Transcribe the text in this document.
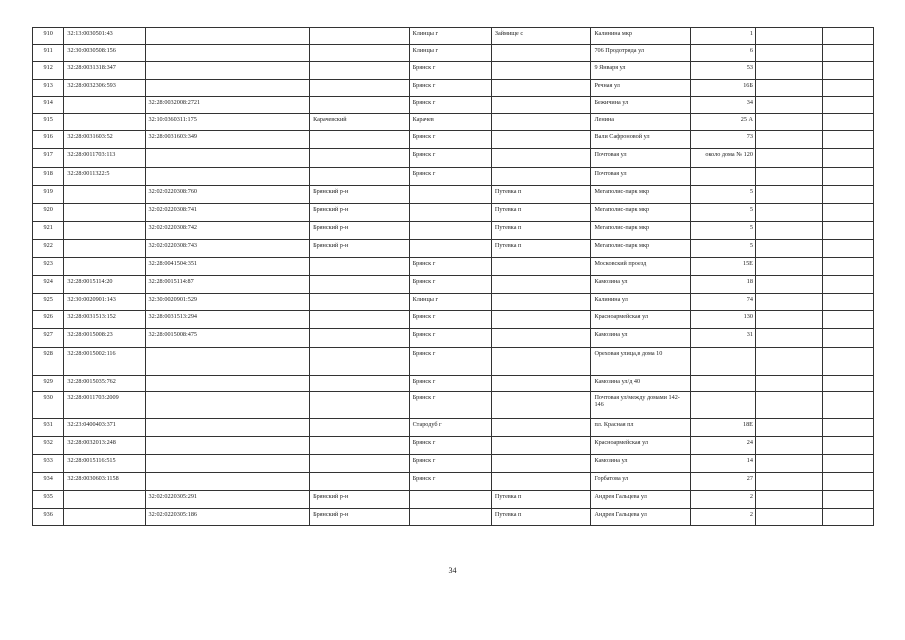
910	32:13:0030501:43			Клинцы г	Займище с	Калинина мкр	1		
911	32:30:0030508:156			Клинцы г		706 Продотряда ул	6		
912	32:28:0031318:347			Брянск г		9 Января ул	53		
913	32:28:0032306:593			Брянск г		Речная ул	16Б		
914		32:28:0032008:2721		Брянск г		Бежичина ул	34		
915		32:10:0360311:175	Карачевский	Карачев		Ленина	25 А		
916	32:28:0031603:52	32:28:0031603:349		Брянск г		Вали Сафроновой ул	73		
917	32:28:0011703:113			Брянск г		Почтовая ул	около дома № 120		
918	32:28:0011322:5			Брянск г		Почтовая ул			
919		32:02:0220308:760	Брянский р-н		Путевка п	Мегаполис-парк мкр	5		
920		32:02:0220308:741	Брянский р-н		Путевка п	Мегаполис-парк мкр	5		
921		32:02:0220308:742	Брянский р-н		Путевка п	Мегаполис-парк мкр	5		
922		32:02:0220308:743	Брянский р-н		Путевка п	Мегаполис-парк мкр	5		
923		32:28:0041504:351		Брянск г		Московский проезд	15Е		
924	32:28:0015114:20	32:28:0015114:87		Брянск г		Камозина ул	18		
925	32:30:0020901:143	32:30:0020901:529		Клинцы г		Калинина ул	74		
926	32:28:0031513:152	32:28:0031513:294		Брянск г		Красноармейская ул	130		
927	32:28:0015008:23	32:28:0015008:475		Брянск г		Камозина ул	31		
928	32:28:0015002:116			Брянск г		Ореховая улица,в дома 10			
929	32:28:0015035:762			Брянск г		Камозина ул/д 40			
930	32:28:0011703:2009			Брянск г		Почтовая ул/между домами 142-146			
931	32:23:0400403:371			Стародуб г		пл. Красная пл	18Е		
932	32:28:0032013:248			Брянск г		Красноармейская ул	24		
933	32:28:0015116:515			Брянск г		Камозина ул	14		
934	32:28:0030603:1158			Брянск г		Горбатова ул	27		
935		32:02:0220305:291	Брянский р-н		Путевка п	Андрея Гальцева ул	2		
936		32:02:0220305:186	Брянский р-н		Путевка п	Андрея Гальцева ул	2		
34
